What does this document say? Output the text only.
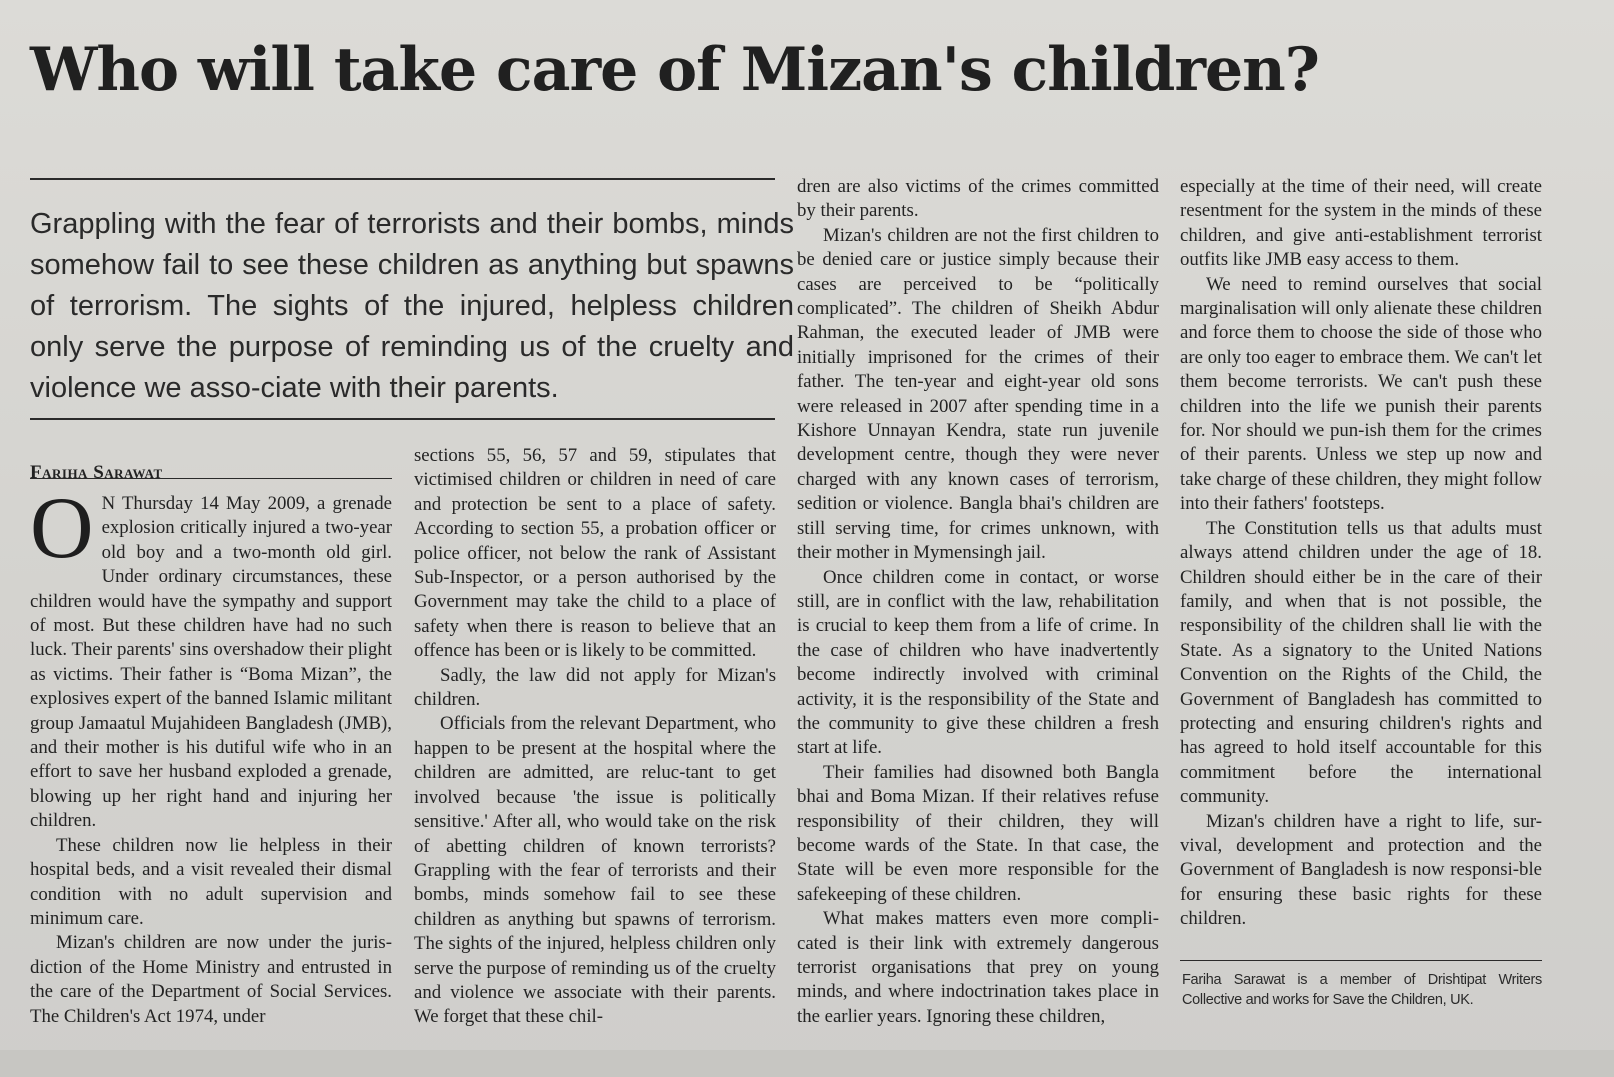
Who will take care of Mizan's children?

Grappling with the fear of terrorists and their bombs, minds somehow fail to see these children as anything but spawns of terrorism. The sights of the injured, helpless children only serve the purpose of reminding us of the cruelty and violence we asso-ciate with their parents.

Fariha Sarawat
O N Thursday 14 May 2009, a grenade explosion critically injured a two-year old boy and a two-month old girl. Under ordinary circumstances, these children would have the sympathy and support of most. But these children have had no such luck. Their parents' sins overshadow their plight as victims. Their father is “Boma Mizan”, the explosives expert of the banned Islamic militant group Jamaatul Mujahideen Bangladesh (JMB), and their mother is his dutiful wife who in an effort to save her husband exploded a grenade, blowing up her right hand and injuring her children.

These children now lie helpless in their hospital beds, and a visit revealed their dismal condition with no adult supervision and minimum care.

Mizan's children are now under the juris-diction of the Home Ministry and entrusted in the care of the Department of Social Services. The Children's Act 1974, under

sections 55, 56, 57 and 59, stipulates that victimised children or children in need of care and protection be sent to a place of safety. According to section 55, a probation officer or police officer, not below the rank of Assistant Sub-Inspector, or a person authorised by the Government may take the child to a place of safety when there is reason to believe that an offence has been or is likely to be committed.

Sadly, the law did not apply for Mizan's children.

Officials from the relevant Department, who happen to be present at the hospital where the children are admitted, are reluc-tant to get involved because 'the issue is politically sensitive.' After all, who would take on the risk of abetting children of known terrorists? Grappling with the fear of terrorists and their bombs, minds somehow fail to see these children as anything but spawns of terrorism. The sights of the injured, helpless children only serve the purpose of reminding us of the cruelty and violence we associate with their parents. We forget that these chil-

dren are also victims of the crimes committed by their parents.

Mizan's children are not the first children to be denied care or justice simply because their cases are perceived to be “politically complicated”. The children of Sheikh Abdur Rahman, the executed leader of JMB were initially imprisoned for the crimes of their father. The ten-year and eight-year old sons were released in 2007 after spending time in a Kishore Unnayan Kendra, state run juvenile development centre, though they were never charged with any known cases of terrorism, sedition or violence. Bangla bhai's children are still serving time, for crimes unknown, with their mother in Mymensingh jail.

Once children come in contact, or worse still, are in conflict with the law, rehabilitation is crucial to keep them from a life of crime. In the case of children who have inadvertently become indirectly involved with criminal activity, it is the responsibility of the State and the community to give these children a fresh start at life.

Their families had disowned both Bangla bhai and Boma Mizan. If their relatives refuse responsibility of their children, they will become wards of the State. In that case, the State will be even more responsible for the safekeeping of these children.

What makes matters even more compli-cated is their link with extremely dangerous terrorist organisations that prey on young minds, and where indoctrination takes place in the earlier years. Ignoring these children,

especially at the time of their need, will create resentment for the system in the minds of these children, and give anti-establishment terrorist outfits like JMB easy access to them.

We need to remind ourselves that social marginalisation will only alienate these children and force them to choose the side of those who are only too eager to embrace them. We can't let them become terrorists. We can't push these children into the life we punish their parents for. Nor should we pun-ish them for the crimes of their parents. Unless we step up now and take charge of these children, they might follow into their fathers' footsteps.

The Constitution tells us that adults must always attend children under the age of 18. Children should either be in the care of their family, and when that is not possible, the responsibility of the children shall lie with the State. As a signatory to the United Nations Convention on the Rights of the Child, the Government of Bangladesh has committed to protecting and ensuring children's rights and has agreed to hold itself accountable for this commitment before the international community.

Mizan's children have a right to life, sur-vival, development and protection and the Government of Bangladesh is now responsi-ble for ensuring these basic rights for these children.

Fariha Sarawat is a member of Drishtipat Writers Collective and works for Save the Children, UK.
